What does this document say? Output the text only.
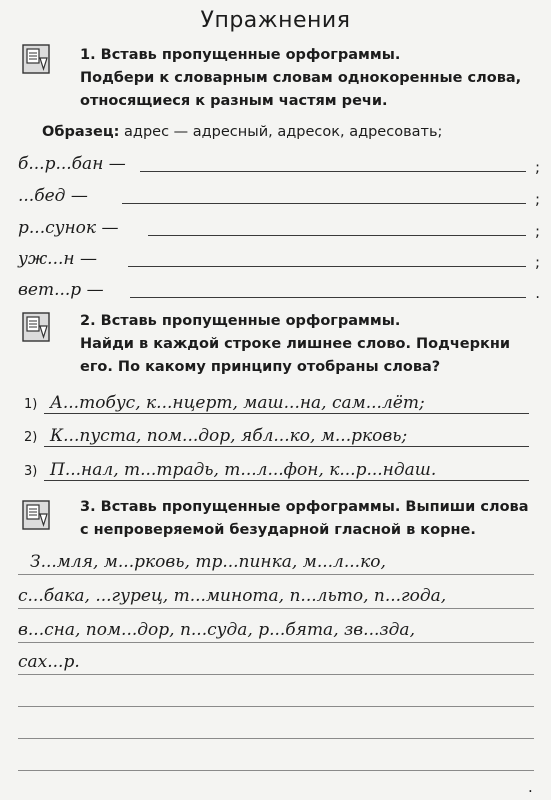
Упражнения
1. Вставь пропущенные орфограммы.
Подбери к словарным словам однокоренные слова,
относящиеся к разным частям речи.
Образец: адрес — адресный, адресок, адресовать;
б...р...бан —	;
...бед —	;
р...сунок —	;
уж...н —	;
вет...р —	.
2. Вставь пропущенные орфограммы.
Найди в каждой строке лишнее слово. Подчеркни
его. По какому принципу отобраны слова?
1) А...тобус, к...нцерт, маш...на, сам...лёт;
2) К...пуста, пом...дор, ябл...ко, м...рковь;
3) П...нал, т...традь, т...л...фон, к...р...ндаш.
3. Вставь пропущенные орфограммы. Выпиши слова
с непроверяемой безударной гласной в корне.
З...мля, м...рковь, тр...пинка, м...л...ко,
с...бака, ...гурец, т...минота, п...льто, п...года,
в...сна, пом...дор, п...суда, р...бята, зв...зда,
сах...р.
.
